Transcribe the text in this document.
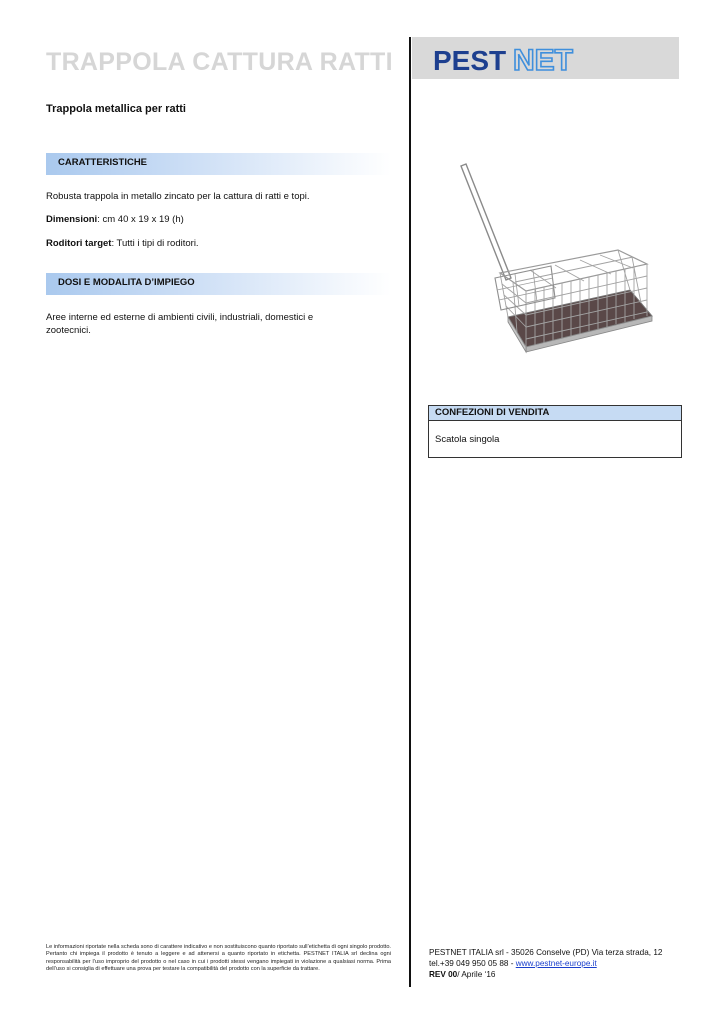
TRAPPOLA CATTURA RATTI PEST NET
Trappola metallica per ratti
CARATTERISTICHE
Robusta trappola in metallo zincato per la cattura di ratti e topi.
Dimensioni: cm 40 x 19 x 19 (h)
Roditori target: Tutti i tipi di roditori.
DOSI E MODALITA D’IMPIEGO
Aree interne ed esterne di ambienti civili, industriali, domestici e
zootecnici.
CONFEZIONI DI VENDITA
Scatola singola
Le informazioni riportate nella scheda sono di carattere indicativo e non sostituiscono quanto riportato sull’etichetta di ogni singolo prodotto. Pertanto chi impiega il prodotto è tenuto a leggere e ad attenersi a quanto riportato in etichetta. PESTNET ITALIA srl declina ogni responsabilità per l’uso improprio del prodotto o nel caso in cui i prodotti stessi vengano impiegati in violazione a qualsiasi norma. Prima dell’uso si consiglia di effettuare una prova per testare la compatibilità del prodotto con la superficie da trattare.
PESTNET ITALIA srl - 35026 Conselve (PD) Via terza strada, 12
tel.+39 049 950 05 88 - www.pestnet-europe.it
REV 00/ Aprile ‘16
